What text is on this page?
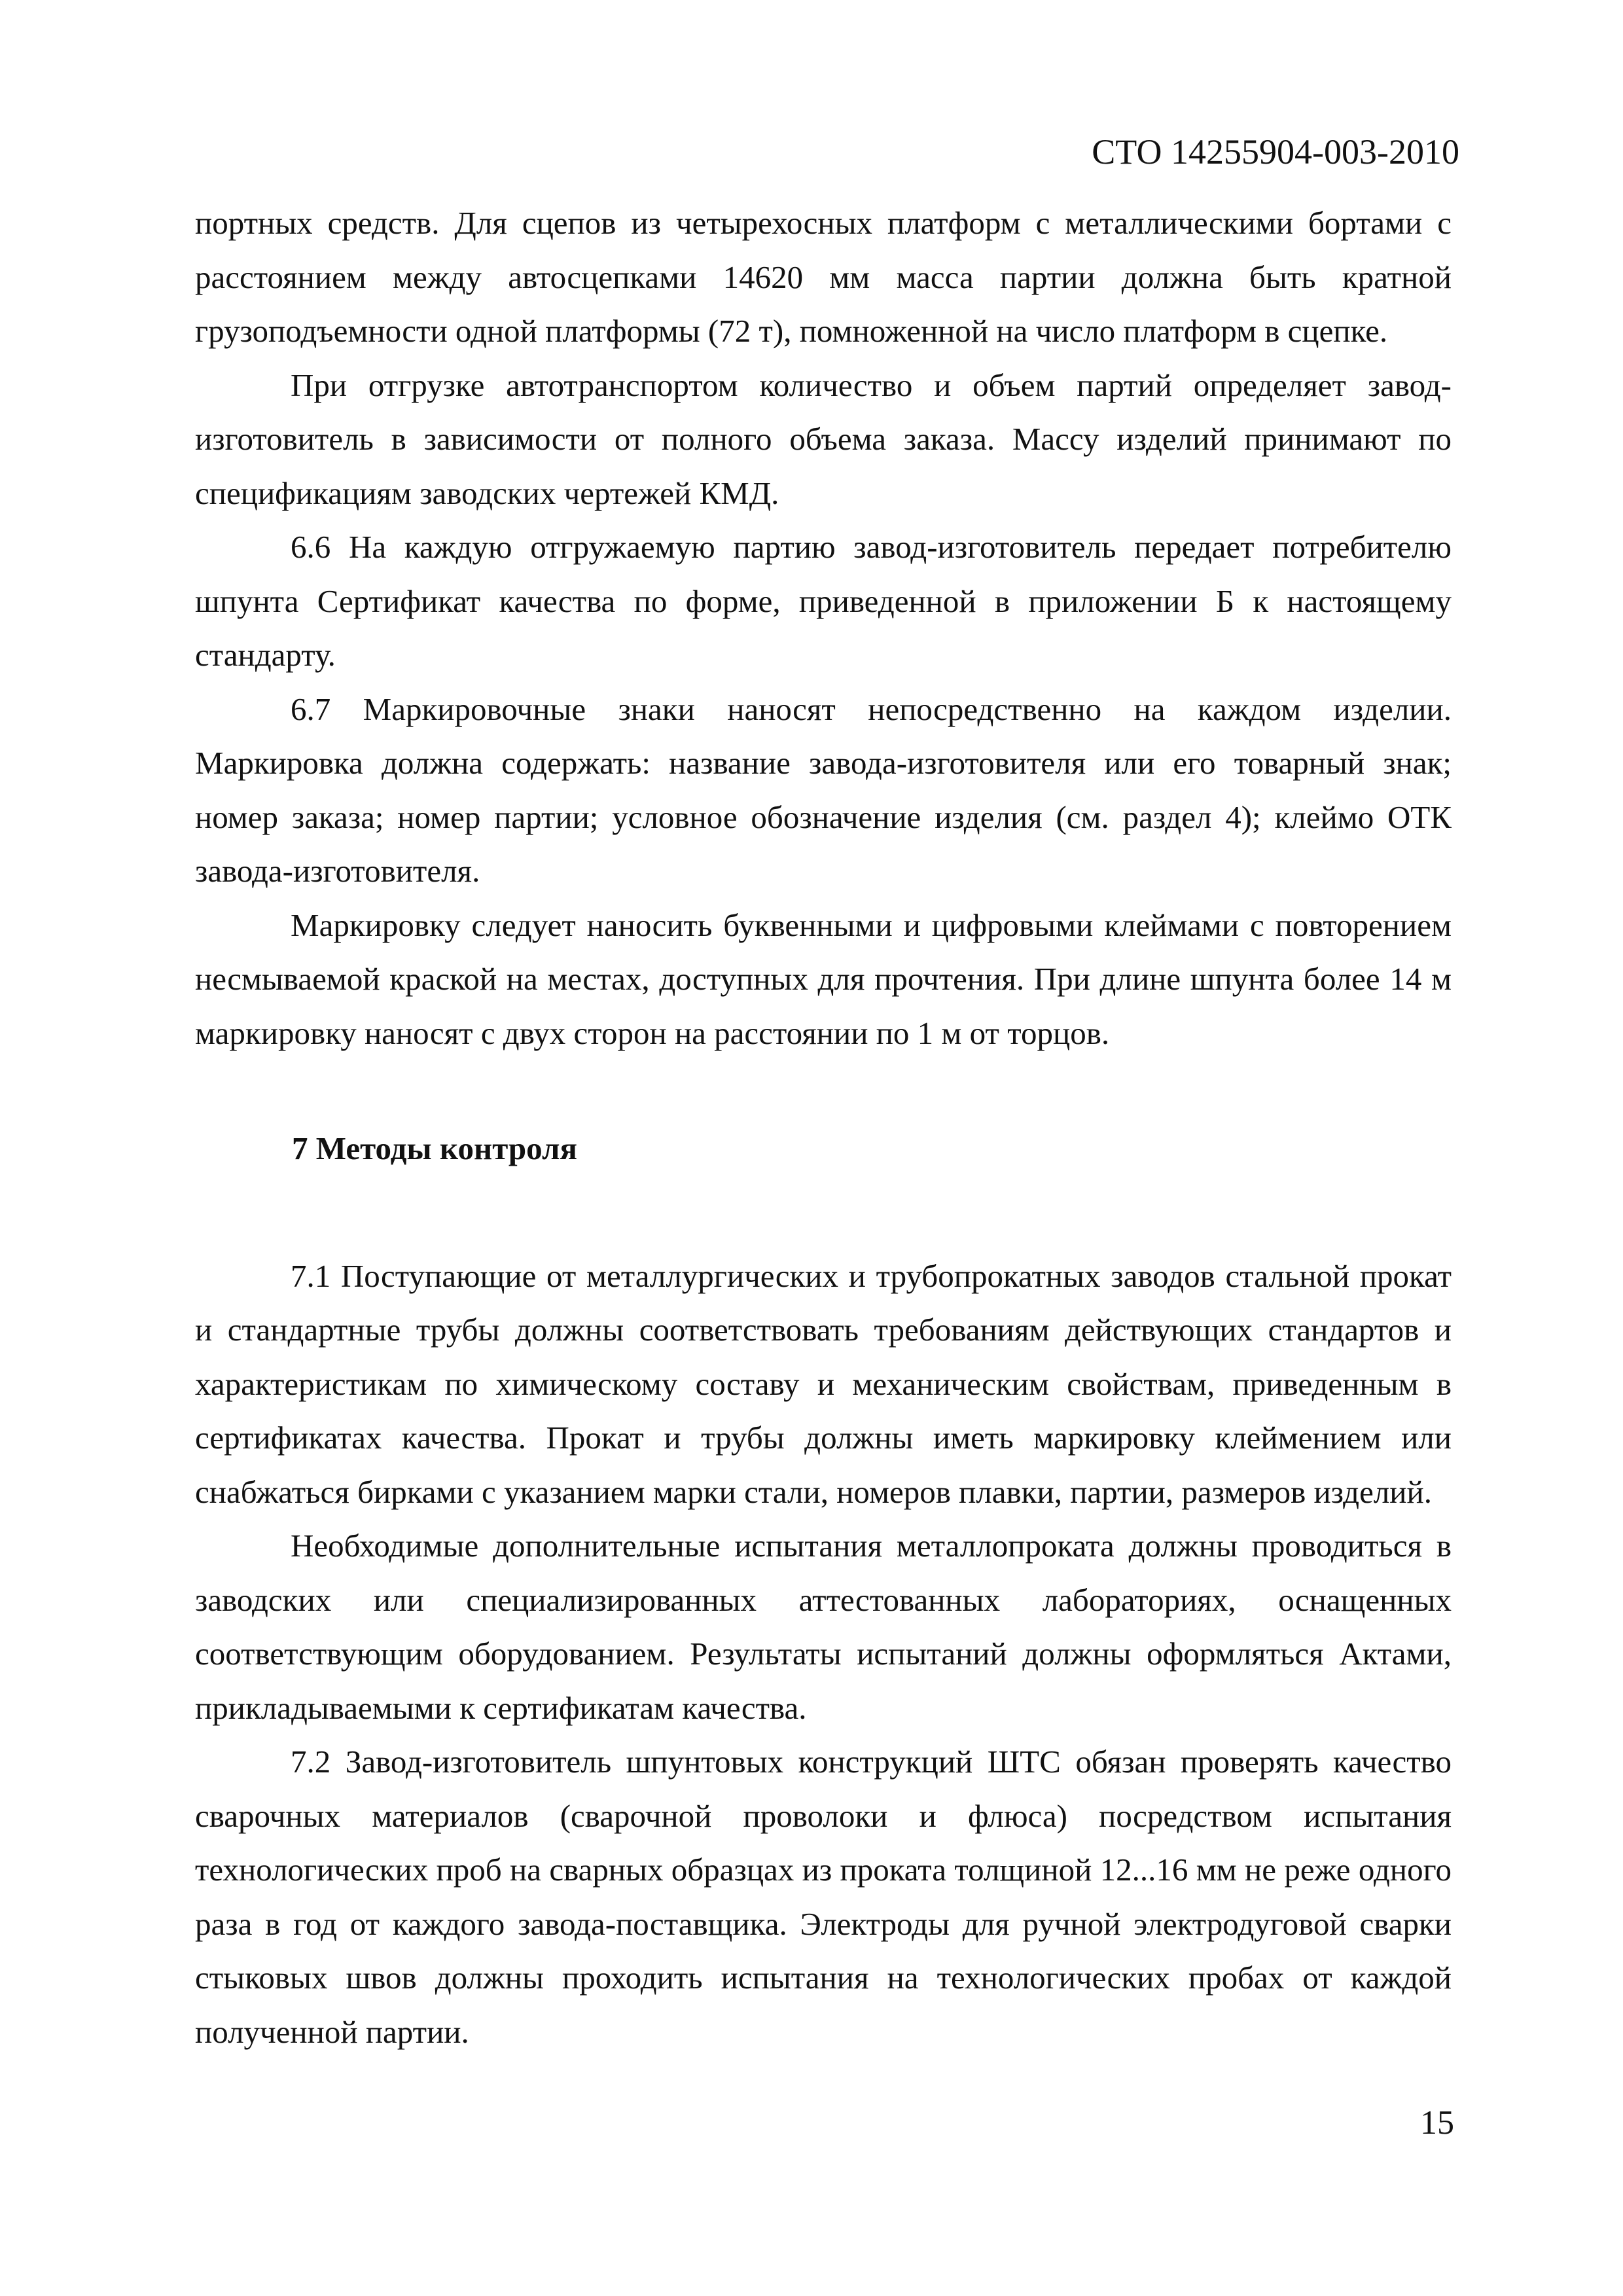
СТО 14255904-003-2010

портных средств. Для сцепов из четырехосных платформ с металлическими бортами с расстоянием между автосцепками 14620 мм масса партии должна быть кратной грузоподъемности одной платформы (72 т), помноженной на число платформ в сцепке.

При отгрузке автотранспортом количество и объем партий определяет завод-изготовитель в зависимости от полного объема заказа. Массу изделий принимают по спецификациям заводских чертежей КМД.

6.6 На каждую отгружаемую партию завод-изготовитель передает потребителю шпунта Сертификат качества по форме, приведенной в приложении Б к настоящему стандарту.

6.7 Маркировочные знаки наносят непосредственно на каждом изделии. Маркировка должна содержать: название завода-изготовителя или его товарный знак; номер заказа; номер партии; условное обозначение изделия (см. раздел 4); клеймо ОТК завода-изготовителя.

Маркировку следует наносить буквенными и цифровыми клеймами с повторением несмываемой краской на местах, доступных для прочтения. При длине шпунта более 14 м маркировку наносят с двух сторон на расстоянии по 1 м от торцов.

7 Методы контроля

7.1 Поступающие от металлургических и трубопрокатных заводов стальной прокат и стандартные трубы должны соответствовать требованиям действующих стандартов и характеристикам по химическому составу и механическим свойствам, приведенным в сертификатах качества. Прокат и трубы должны иметь маркировку клеймением или снабжаться бирками с указанием марки стали, номеров плавки, партии, размеров изделий.

Необходимые дополнительные испытания металлопроката должны проводиться в заводских или специализированных аттестованных лабораториях, оснащенных соответствующим оборудованием. Результаты испытаний должны оформляться Актами, прикладываемыми к сертификатам качества.

7.2 Завод-изготовитель шпунтовых конструкций ШТС обязан проверять качество сварочных материалов (сварочной проволоки и флюса) посредством испытания технологических проб на сварных образцах из проката толщиной 12...16 мм не реже одного раза в год от каждого завода-поставщика. Электроды для ручной электродуговой сварки стыковых швов должны проходить испытания на технологических пробах от каждой полученной партии.

15
